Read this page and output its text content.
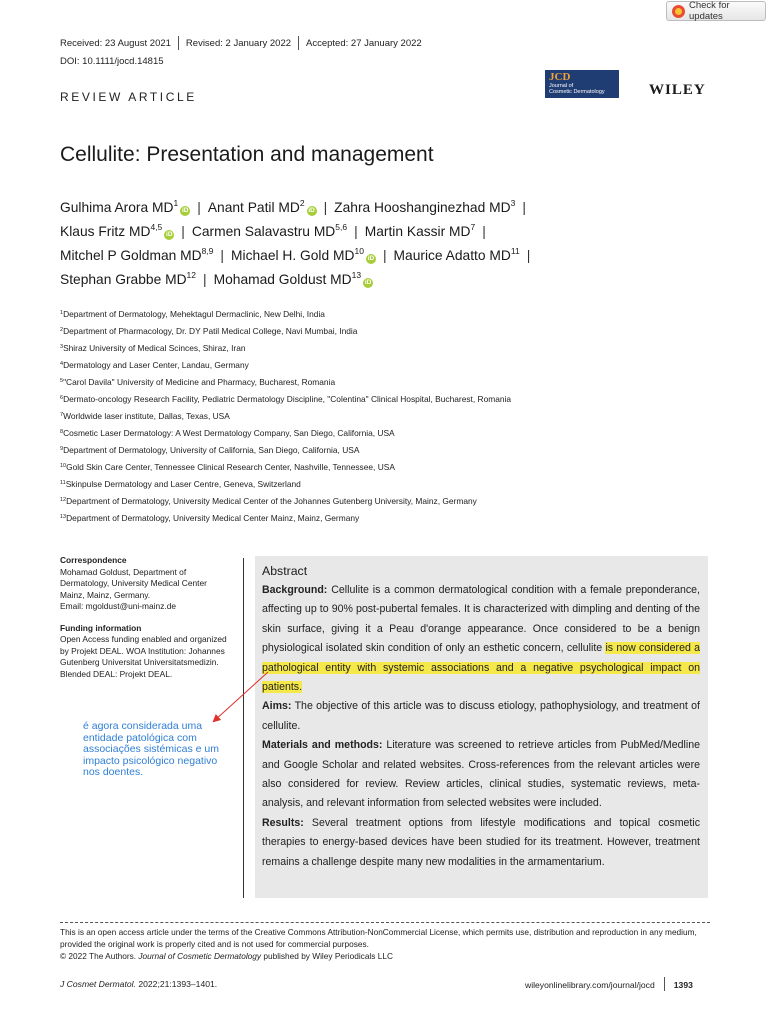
Check for updates
Received: 23 August 2021 Revised: 2 January 2022 Accepted: 27 January 2022
DOI: 10.1111/jocd.14815
REVIEW ARTICLE
JCD
Journal of
Cosmetic Dermatology	WILEY
Cellulite: Presentation and management
Gulhima Arora $MD^1iD$ | Anant Patil $MD^2iD$ | Zahra Hooshanginezhad $MD^3$ |
Klaus Fritz MD$^{4,5}$iD | Carmen Salavastru MD$^{5,6}$ | Martin Kassir $MD^7$ |
Mitchel P Goldman MD$^{8,9}$ | Michael H. Gold MD$^{10}$iD | Maurice Adatto MD$^{11}$ |
Stephan Grabbe MD$^{12}$ | Mohamad Goldust MD$^{13}$iD
$^1$Department of Dermatology, Mehektagul Dermaclinic, New Delhi, India
$^2$Department of Pharmacology, Dr. DY Patil Medical College, Navi Mumbai, India
$^3$Shiraz University of Medical Scinces, Shiraz, Iran
$^4$Dermatology and Laser Center, Landau, Germany
$^5$"Carol Davila" University of Medicine and Pharmacy, Bucharest, Romania
$^6$Dermato-oncology Research Facility, Pediatric Dermatology Discipline, "Colentina" Clinical Hospital, Bucharest, Romania
$^7$Worldwide laser institute, Dallas, Texas, USA
$^8$Cosmetic Laser Dermatology: A West Dermatology Company, San Diego, California, USA
$^9$Department of Dermatology, University of California, San Diego, California, USA
$^{10}$Gold Skin Care Center, Tennessee Clinical Research Center, Nashville, Tennessee, USA
$^{11}$Skinpulse Dermatology and Laser Centre, Geneva, Switzerland
$^{12}$Department of Dermatology, University Medical Center of the Johannes Gutenberg University, Mainz, Germany
$^{13}$Department of Dermatology, University Medical Center Mainz, Mainz, Germany
Correspondence
Mohamad Goldust, Department of Dermatology, University Medical Center Mainz, Mainz, Germany.
Email: mgoldust@uni-mainz.de
Funding information
Open Access funding enabled and organized by Projekt DEAL. WOA Institution: Johannes Gutenberg Universitat Universitatsmedizin. Blended DEAL: Projekt DEAL.
é agora considerada uma entidade patológica com associações sistémicas e um impacto psicológico negativo nos doentes.
Abstract

Background: Cellulite is a common dermatological condition with a female preponderance, affecting up to 90% post-pubertal females. It is characterized with dimpling and denting of the skin surface, giving it a Peau d'orange appearance. Once considered to be a benign physiological isolated skin condition of only an esthetic concern, cellulite is now considered a pathological entity with systemic associations and a negative psychological impact on patients.

Aims: The objective of this article was to discuss etiology, pathophysiology, and treatment of cellulite.

Materials and methods: Literature was screened to retrieve articles from PubMed/Medline and Google Scholar and related websites. Cross-references from the relevant articles were also considered for review. Review articles, clinical studies, systematic reviews, meta-analysis, and relevant information from selected websites were included.

Results: Several treatment options from lifestyle modifications and topical cosmetic therapies to energy-based devices have been studied for its treatment. However, treatment remains a challenge despite many new modalities in the armamentarium.

This is an open access article under the terms of the Creative Commons Attribution-NonCommercial License, which permits use, distribution and reproduction in any medium, provided the original work is properly cited and is not used for commercial purposes.
© 2022 The Authors. Journal of Cosmetic Dermatology published by Wiley Periodicals LLC
J Cosmet Dermatol. 2022;21:1393–1401.	wileyonlinelibrary.com/journal/jocd 1393
